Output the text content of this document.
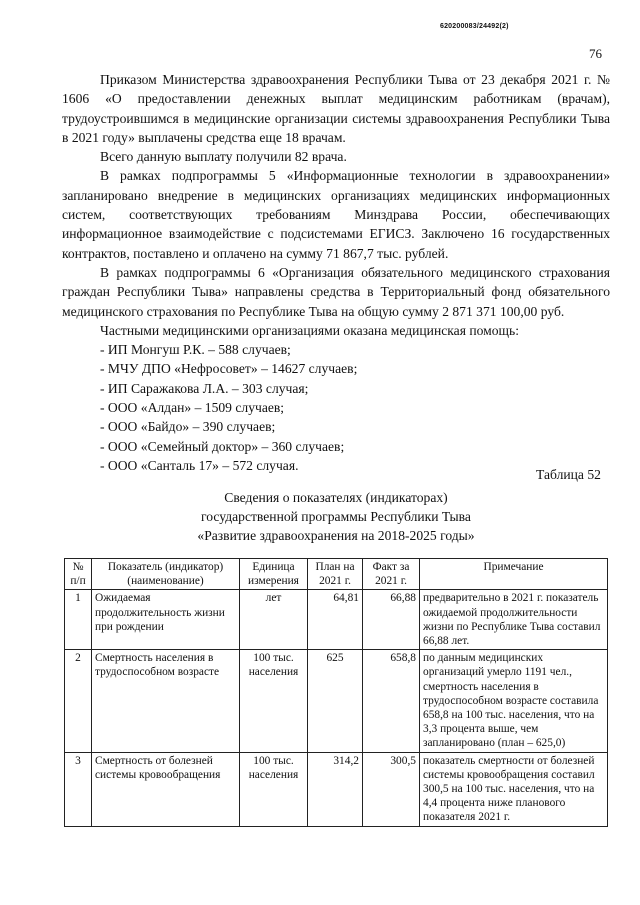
620200083/24492(2)
76

Приказом Министерства здравоохранения Республики Тыва от 23 декабря 2021 г. № 1606 «О предоставлении денежных выплат медицинским работникам (врачам), трудоустроившимся в медицинские организации системы здравоохранения Республики Тыва в 2021 году» выплачены средства еще 18 врачам.

Всего данную выплату получили 82 врача.

В рамках подпрограммы 5 «Информационные технологии в здравоохранении» запланировано внедрение в медицинских организациях медицинских информационных систем, соответствующих требованиям Минздрава России, обеспечивающих информационное взаимодействие с подсистемами ЕГИСЗ. Заключено 16 государственных контрактов, поставлено и оплачено на сумму 71 867,7 тыс. рублей.

В рамках подпрограммы 6 «Организация обязательного медицинского страхования граждан Республики Тыва» направлены средства в Территориальный фонд обязательного медицинского страхования по Республике Тыва на общую сумму 2 871 371 100,00 руб.

Частными медицинскими организациями оказана медицинская помощь:
- ИП Монгуш Р.К. – 588 случаев;
- МЧУ ДПО «Нефросовет» – 14627 случаев;
- ИП Саражакова Л.А. – 303 случая;
- ООО «Алдан» – 1509 случаев;
- ООО «Байдо» – 390 случаев;
- ООО «Семейный доктор» – 360 случаев;
- ООО «Санталь 17» – 572 случая.
Таблица 52
Сведения о показателях (индикаторах)
государственной программы Республики Тыва
«Развитие здравоохранения на 2018-2025 годы»
№ п/п	Показатель (индикатор) (наименование)	Единица измерения	План на 2021 г.	Факт за 2021 г.	Примечание
1	Ожидаемая продолжительность жизни при рождении	лет	64,81	66,88	предварительно в 2021 г. показатель ожидаемой продолжительности жизни по Республике Тыва составил 66,88 лет.
2	Смертность населения в трудоспособном возрасте	100 тыс. населения	625	658,8	по данным медицинских организаций умерло 1191 чел., смертность населения в трудоспособном возрасте составила 658,8 на 100 тыс. населения, что на 3,3 процента выше, чем запланировано (план – 625,0)
3	Смертность от болезней системы кровообращения	100 тыс. населения	314,2	300,5	показатель смертности от болезней системы кровообращения составил 300,5 на 100 тыс. населения, что на 4,4 процента ниже планового показателя 2021 г.
